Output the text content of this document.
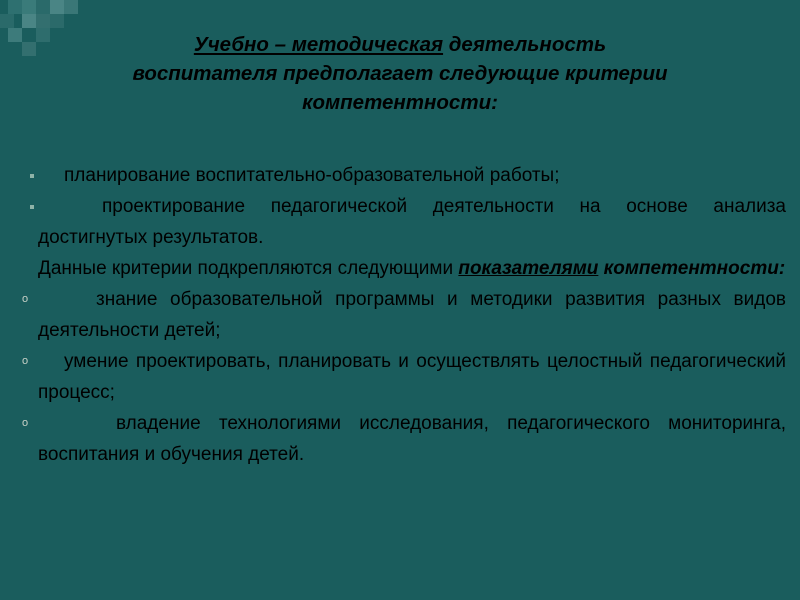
Учебно – методическая деятельность
воспитателя предполагает следующие критерии
компетентности:
планирование воспитательно-образовательной работы;
проектирование педагогической деятельности на основе анализа достигнутых результатов.
Данные критерии подкрепляются следующими показателями компетентности:
o	знание образовательной программы и методики развития разных видов деятельности детей;
o умение проектировать, планировать и осуществлять целостный педагогический процесс;
o	владение технологиями исследования, педагогического мониторинга, воспитания и обучения детей.
